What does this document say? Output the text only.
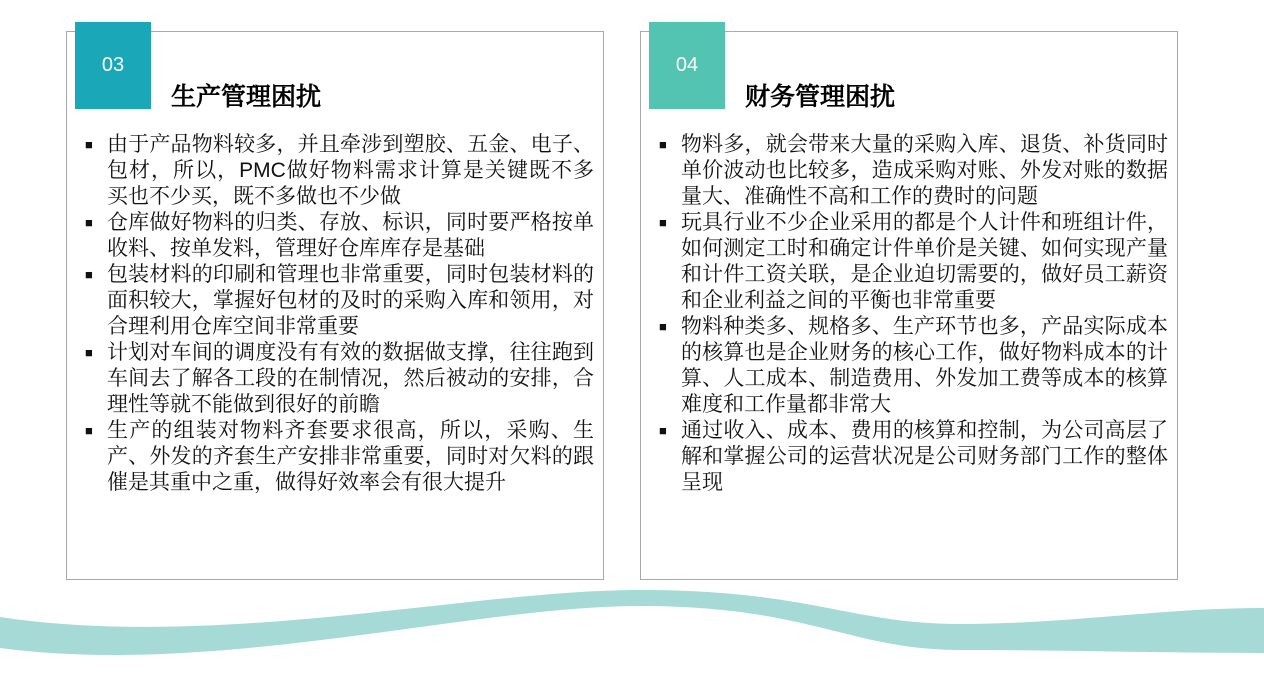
03
生产管理困扰
■ 由于产品物料较多，并且牵涉到塑胶、五金、电子、包材，所以，PMC做好物料需求计算是关键既不多买也不少买，既不多做也不少做
■ 仓库做好物料的归类、存放、标识，同时要严格按单收料、按单发料，管理好仓库库存是基础
■ 包装材料的印刷和管理也非常重要，同时包装材料的面积较大，掌握好包材的及时的采购入库和领用，对合理利用仓库空间非常重要
■ 计划对车间的调度没有有效的数据做支撑，往往跑到车间去了解各工段的在制情况，然后被动的安排，合理性等就不能做到很好的前瞻
■ 生产的组装对物料齐套要求很高，所以，采购、生产、外发的齐套生产安排非常重要，同时对欠料的跟催是其重中之重，做得好效率会有很大提升
04
财务管理困扰
■ 物料多，就会带来大量的采购入库、退货、补货同时单价波动也比较多，造成采购对账、外发对账的数据量大、准确性不高和工作的费时的问题
■ 玩具行业不少企业采用的都是个人计件和班组计件，如何测定工时和确定计件单价是关键、如何实现产量和计件工资关联，是企业迫切需要的，做好员工薪资和企业利益之间的平衡也非常重要
■ 物料种类多、规格多、生产环节也多，产品实际成本的核算也是企业财务的核心工作，做好物料成本的计算、人工成本、制造费用、外发加工费等成本的核算难度和工作量都非常大
■ 通过收入、成本、费用的核算和控制，为公司高层了解和掌握公司的运营状况是公司财务部门工作的整体呈现
